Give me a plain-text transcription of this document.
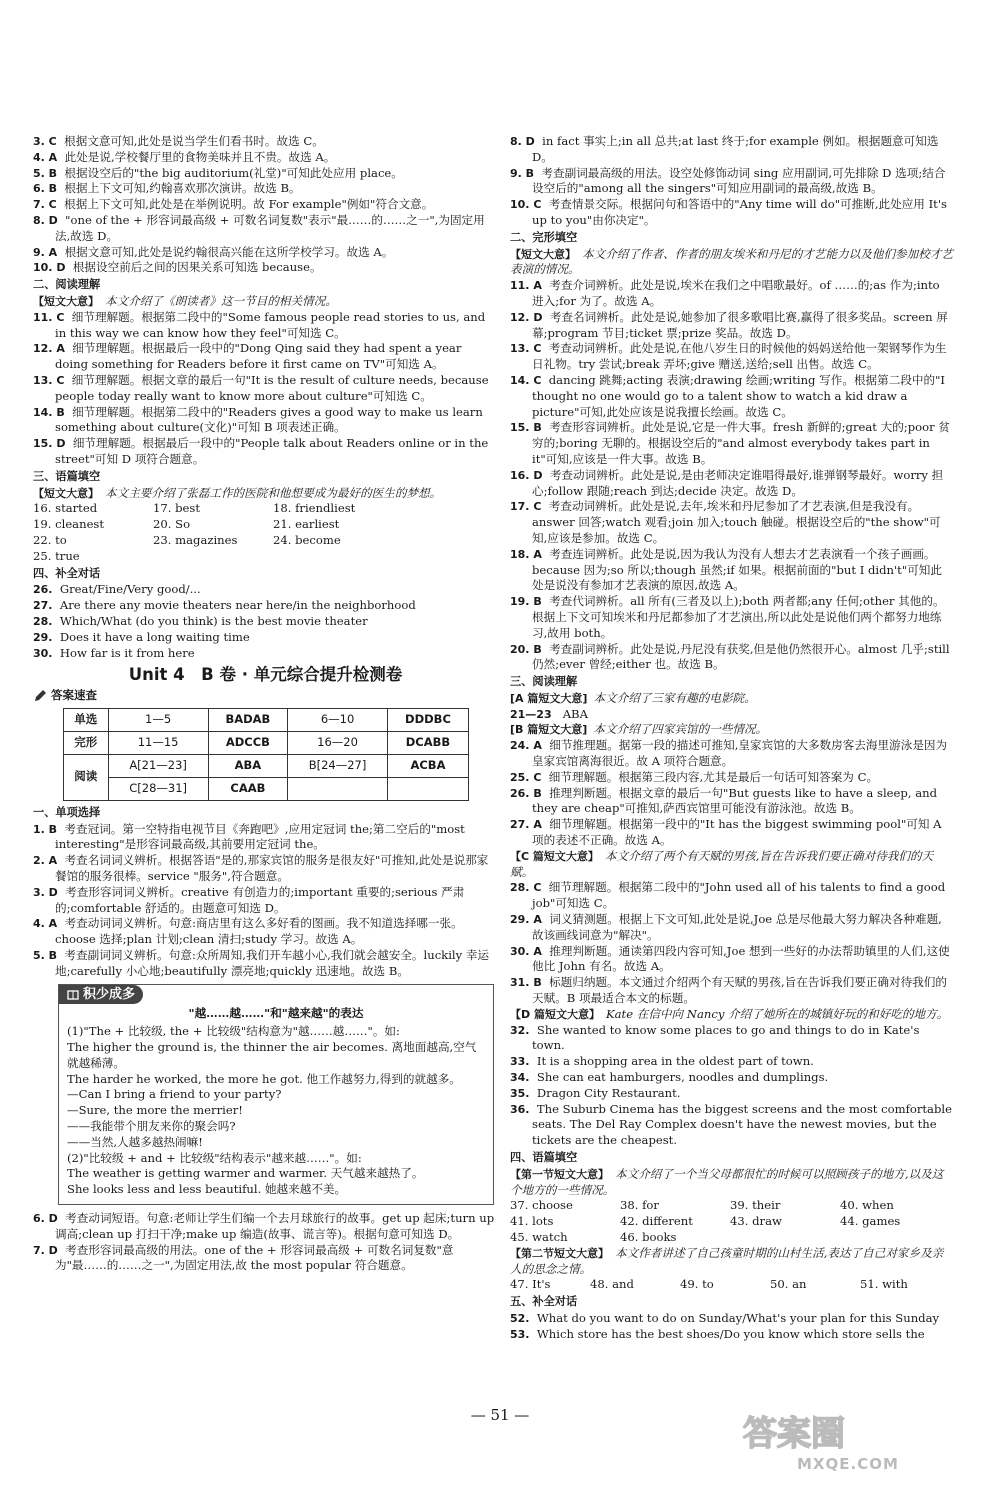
3. C 根据文意可知,此处是说当学生们看书时。故选 C。

4. A 此处是说,学校餐厅里的食物美味并且不贵。故选 A。

5. B 根据设空后的"the big auditorium(礼堂)"可知此处应用 place。

6. B 根据上下文可知,约翰喜欢那次演讲。故选 B。

7. C 根据上下文可知,此处是在举例说明。故 For example"例如"符合文意。

8. D "one of the + 形容词最高级 + 可数名词复数"表示"最……的……之一",为固定用法,故选 D。

9. A 根据文意可知,此处是说约翰很高兴能在这所学校学习。故选 A。

10. D 根据设空前后之间的因果关系可知选 because。

二、阅读理解

【短文大意】 本文介绍了《朗读者》这一节目的相关情况。

11. C 细节理解题。根据第二段中的"Some famous people read stories to us, and in this way we can know how they feel"可知选 C。

12. A 细节理解题。根据最后一段中的"Dong Qing said they had spent a year doing something for Readers before it first came on TV"可知选 A。

13. C 细节理解题。根据文章的最后一句"It is the result of culture needs, because people today really want to know more about culture"可知选 C。

14. B 细节理解题。根据第二段中的"Readers gives a good way to make us learn something about culture(文化)"可知 B 项表述正确。

15. D 细节理解题。根据最后一段中的"People talk about Readers online or in the street"可知 D 项符合题意。

三、语篇填空

【短文大意】 本文主要介绍了张磊工作的医院和他想要成为最好的医生的梦想。

16. started	17. best	18. friendliest
19. cleanest	20. So	21. earliest
22. to	23. magazines	24. become
25. true
四、补全对话

26. Great/Fine/Very good/...

27. Are there any movie theaters near here/in the neighborhood

28. Which/What (do you think) is the best movie theater

29. Does it have a long waiting time

30. How far is it from here

Unit 4　B 卷 · 单元综合提升检测卷
答案速查
单选	1—5	BADAB	6—10	DDDBC
完形	11—15	ADCCB	16—20	DCABB
阅读	A[21—23]	ABA	B[24—27]	ACBA
	C[28—31]	CAAB		
一、单项选择

1. B 考查冠词。第一空特指电视节目《奔跑吧》,应用定冠词 the;第二空后的"most interesting"是形容词最高级,其前要用定冠词 the。

2. A 考查名词词义辨析。根据答语"是的,那家宾馆的服务是很友好"可推知,此处是说那家餐馆的服务很棒。service "服务",符合题意。

3. D 考查形容词词义辨析。creative 有创造力的;important 重要的;serious 严肃的;comfortable 舒适的。由题意可知选 D。

4. A 考查动词词义辨析。句意:商店里有这么多好看的图画。我不知道选择哪一张。choose 选择;plan 计划;clean 清扫;study 学习。故选 A。

5. B 考查副词词义辨析。句意:众所周知,我们开车越小心,我们就会越安全。luckily 幸运地;carefully 小心地;beautifully 漂亮地;quickly 迅速地。故选 B。

积少成多
"越……越……"和"越来越"的表达
(1)"The + 比较级, the + 比较级"结构意为"越……越……"。如:
The higher the ground is, the thinner the air becomes. 离地面越高,空气就越稀薄。
The harder he worked, the more he got. 他工作越努力,得到的就越多。
—Can I bring a friend to your party?
—Sure, the more the merrier!
——我能带个朋友来你的聚会吗?
——当然,人越多越热闹嘛!
(2)"比较级 + and + 比较级"结构表示"越来越……"。如:
The weather is getting warmer and warmer. 天气越来越热了。
She looks less and less beautiful. 她越来越不美。

6. D 考查动词短语。句意:老师让学生们编一个去月球旅行的故事。get up 起床;turn up 调高;clean up 打扫干净;make up 编造(故事、谎言等)。根据句意可知选 D。

7. D 考查形容词最高级的用法。one of the + 形容词最高级 + 可数名词复数"意为"最……的……之一",为固定用法,故 the most popular 符合题意。

8. D in fact 事实上;in all 总共;at last 终于;for example 例如。根据题意可知选 D。

9. B 考查副词最高级的用法。设空处修饰动词 sing 应用副词,可先排除 D 选项;结合设空后的"among all the singers"可知应用副词的最高级,故选 B。

10. C 考查情景交际。根据问句和答语中的"Any time will do"可推断,此处应用 It's up to you"由你决定"。

二、完形填空

【短文大意】 本文介绍了作者、作者的朋友埃米和丹尼的才艺能力以及他们参加校才艺表演的情况。

11. A 考查介词辨析。此处是说,埃米在我们之中唱歌最好。of ……的;as 作为;into 进入;for 为了。故选 A。

12. D 考查名词辨析。此处是说,她参加了很多歌唱比赛,赢得了很多奖品。screen 屏幕;program 节目;ticket 票;prize 奖品。故选 D。

13. C 考查动词辨析。此处是说,在他八岁生日的时候他的妈妈送给他一架钢琴作为生日礼物。try 尝试;break 弄坏;give 赠送,送给;sell 出售。故选 C。

14. C dancing 跳舞;acting 表演;drawing 绘画;writing 写作。根据第二段中的"I thought no one would go to a talent show to watch a kid draw a picture"可知,此处应该是说我擅长绘画。故选 C。

15. B 考查形容词辨析。此处是说,它是一件大事。fresh 新鲜的;great 大的;poor 贫穷的;boring 无聊的。根据设空后的"and almost everybody takes part in it"可知,应该是一件大事。故选 B。

16. D 考查动词辨析。此处是说,是由老师决定谁唱得最好,谁弹钢琴最好。worry 担心;follow 跟随;reach 到达;decide 决定。故选 D。

17. C 考查动词辨析。此处是说,去年,埃米和丹尼参加了才艺表演,但是我没有。answer 回答;watch 观看;join 加入;touch 触碰。根据设空后的"the show"可知,应该是参加。故选 C。

18. A 考查连词辨析。此处是说,因为我认为没有人想去才艺表演看一个孩子画画。because 因为;so 所以;though 虽然;if 如果。根据前面的"but I didn't"可知此处是说没有参加才艺表演的原因,故选 A。

19. B 考查代词辨析。all 所有(三者及以上);both 两者都;any 任何;other 其他的。根据上下文可知埃米和丹尼都参加了才艺演出,所以此处是说他们两个都努力地练习,故用 both。

20. B 考查副词辨析。此处是说,丹尼没有获奖,但是他仍然很开心。almost 几乎;still 仍然;ever 曾经;either 也。故选 B。

三、阅读理解

[A 篇短文大意] 本文介绍了三家有趣的电影院。

21—23 ABA

[B 篇短文大意] 本文介绍了四家宾馆的一些情况。

24. A 细节推理题。据第一段的描述可推知,皇家宾馆的大多数房客去海里游泳是因为皇家宾馆离海很近。故 A 项符合题意。

25. C 细节理解题。根据第三段内容,尤其是最后一句话可知答案为 C。

26. B 推理判断题。根据文章的最后一句"But guests like to have a sleep, and they are cheap"可推知,萨西宾馆里可能没有游泳池。故选 B。

27. A 细节理解题。根据第一段中的"It has the biggest swimming pool"可知 A 项的表述不正确。故选 A。

【C 篇短文大意】 本文介绍了两个有天赋的男孩,旨在告诉我们要正确对待我们的天赋。

28. C 细节理解题。根据第二段中的"John used all of his talents to find a good job"可知选 C。

29. A 词义猜测题。根据上下文可知,此处是说,Joe 总是尽他最大努力解决各种难题,故该画线词意为"解决"。

30. A 推理判断题。通读第四段内容可知,Joe 想到一些好的办法帮助镇里的人们,这使他比 John 有名。故选 A。

31. B 标题归纳题。本文通过介绍两个有天赋的男孩,旨在告诉我们要正确对待我们的天赋。B 项最适合本文的标题。

【D 篇短文大意】 Kate 在信中向 Nancy 介绍了她所在的城镇好玩的和好吃的地方。

32. She wanted to know some places to go and things to do in Kate's town.

33. It is a shopping area in the oldest part of town.

34. She can eat hamburgers, noodles and dumplings.

35. Dragon City Restaurant.

36. The Suburb Cinema has the biggest screens and the most comfortable seats. The Del Ray Complex doesn't have the newest movies, but the tickets are the cheapest.

四、语篇填空

【第一节短文大意】 本文介绍了一个当父母都很忙的时候可以照顾孩子的地方,以及这个地方的一些情况。

37. choose	38. for	39. their	40. when
41. lots	42. different	43. draw	44. games
45. watch	46. books

【第二节短文大意】 本文作者讲述了自己孩童时期的山村生活,表达了自己对家乡及亲人的思念之情。

47. It's	48. and	49. to	50. an	51. with
五、补全对话

52. What do you want to do on Sunday/What's your plan for this Sunday

53. Which store has the best shoes/Do you know which store sells the

— 51 —	答案圈
MXQE.COM
